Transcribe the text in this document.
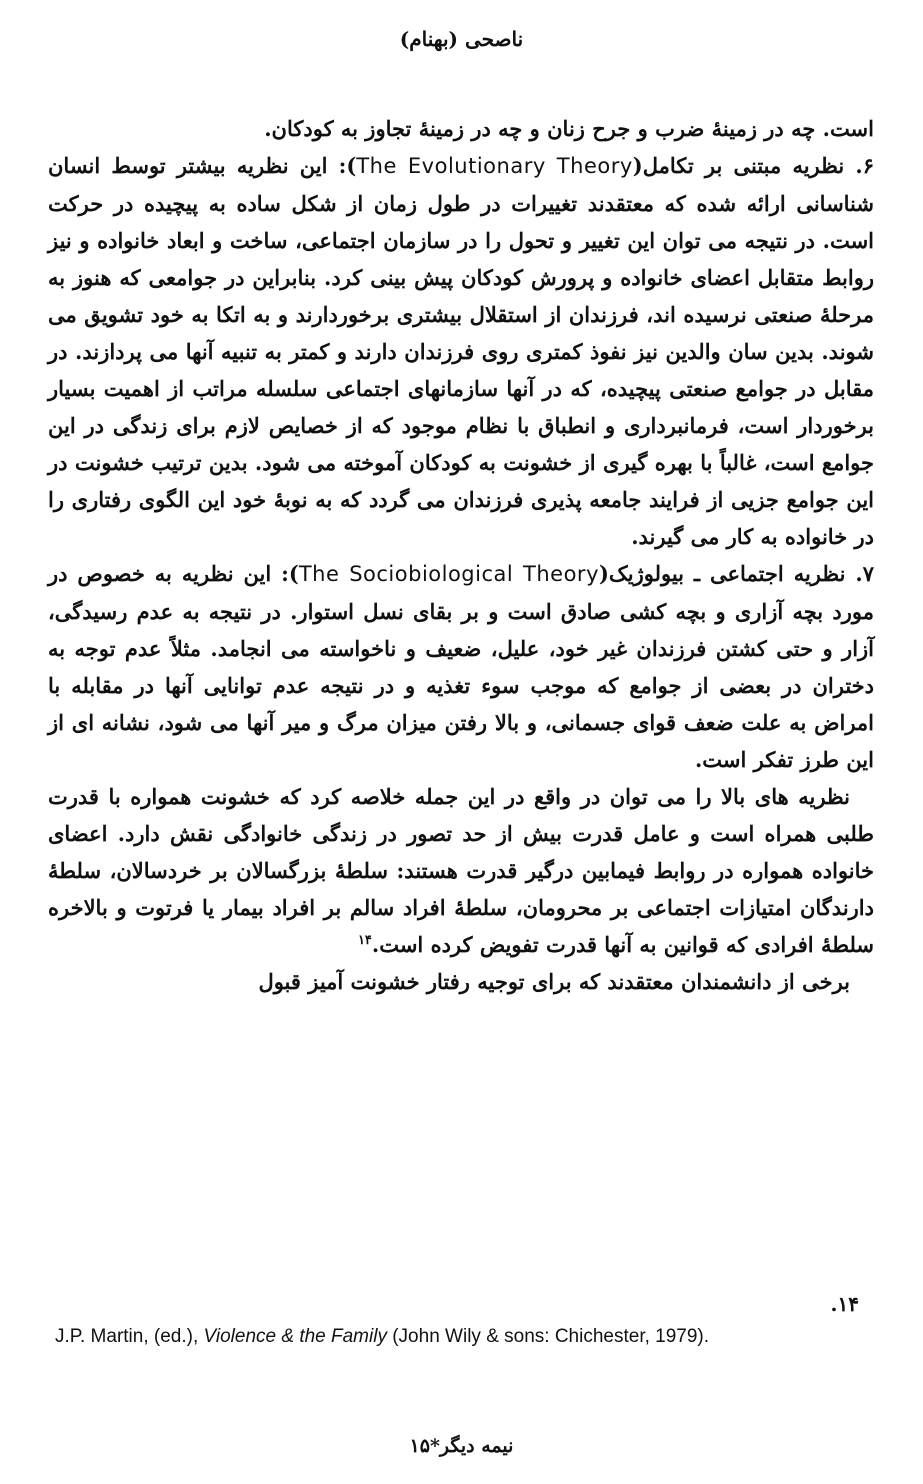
ناصحی (بهنام)

است. چه در زمینهٔ ضرب و جرح زنان و چه در زمینهٔ تجاوز به کودکان.

۶. نظریه مبتنی بر تکامل(The Evolutionary Theory): این نظریه بیشتر توسط انسان شناسانی ارائه شده که معتقدند تغییرات در طول زمان از شکل ساده به پیچیده در حرکت است. در نتیجه می توان این تغییر و تحول را در سازمان اجتماعی، ساخت و ابعاد خانواده و نیز روابط متقابل اعضای خانواده و پرورش کودکان پیش بینی کرد. بنابراین در جوامعی که هنوز به مرحلهٔ صنعتی نرسیده اند، فرزندان از استقلال بیشتری برخوردارند و به اتکا به خود تشویق می شوند. بدین سان والدین نیز نفوذ کمتری روی فرزندان دارند و کمتر به تنبیه آنها می پردازند. در مقابل در جوامع صنعتی پیچیده، که در آنها سازمانهای اجتماعی سلسله مراتب از اهمیت بسیار برخوردار است، فرمانبرداری و انطباق با نظام موجود که از خصایص لازم برای زندگی در این جوامع است، غالباً با بهره گیری از خشونت به کودکان آموخته می شود. بدین ترتیب خشونت در این جوامع جزیی از فرایند جامعه پذیری فرزندان می گردد که به نوبهٔ خود این الگوی رفتاری را در خانواده به کار می گیرند.

۷. نظریه اجتماعی ـ بیولوژیک(The Sociobiological Theory): این نظریه به خصوص در مورد بچه آزاری و بچه کشی صادق است و بر بقای نسل استوار. در نتیجه به عدم رسیدگی، آزار و حتی کشتن فرزندان غیر خود، علیل، ضعیف و ناخواسته می انجامد. مثلاً عدم توجه به دختران در بعضی از جوامع که موجب سوء تغذیه و در نتیجه عدم توانایی آنها در مقابله با امراض به علت ضعف قوای جسمانی، و بالا رفتن میزان مرگ و میر آنها می شود، نشانه ای از این طرز تفکر است.

نظریه های بالا را می توان در واقع در این جمله خلاصه کرد که خشونت همواره با قدرت طلبی همراه است و عامل قدرت بیش از حد تصور در زندگی خانوادگی نقش دارد. اعضای خانواده همواره در روابط فیمابین درگیر قدرت هستند: سلطهٔ بزرگسالان بر خردسالان، سلطهٔ دارندگان امتیازات اجتماعی بر محرومان، سلطهٔ افراد سالم بر افراد بیمار یا فرتوت و بالاخره سلطهٔ افرادی که قوانین به آنها قدرت تفویض کرده است.$^{۱۴}$

برخی از دانشمندان معتقدند که برای توجیه رفتار خشونت آمیز قبول

۱۴.
J.P. Martin, (ed.), Violence & the Family (John Wily & sons: Chichester, 1979).
نیمه دیگر*۱۵
